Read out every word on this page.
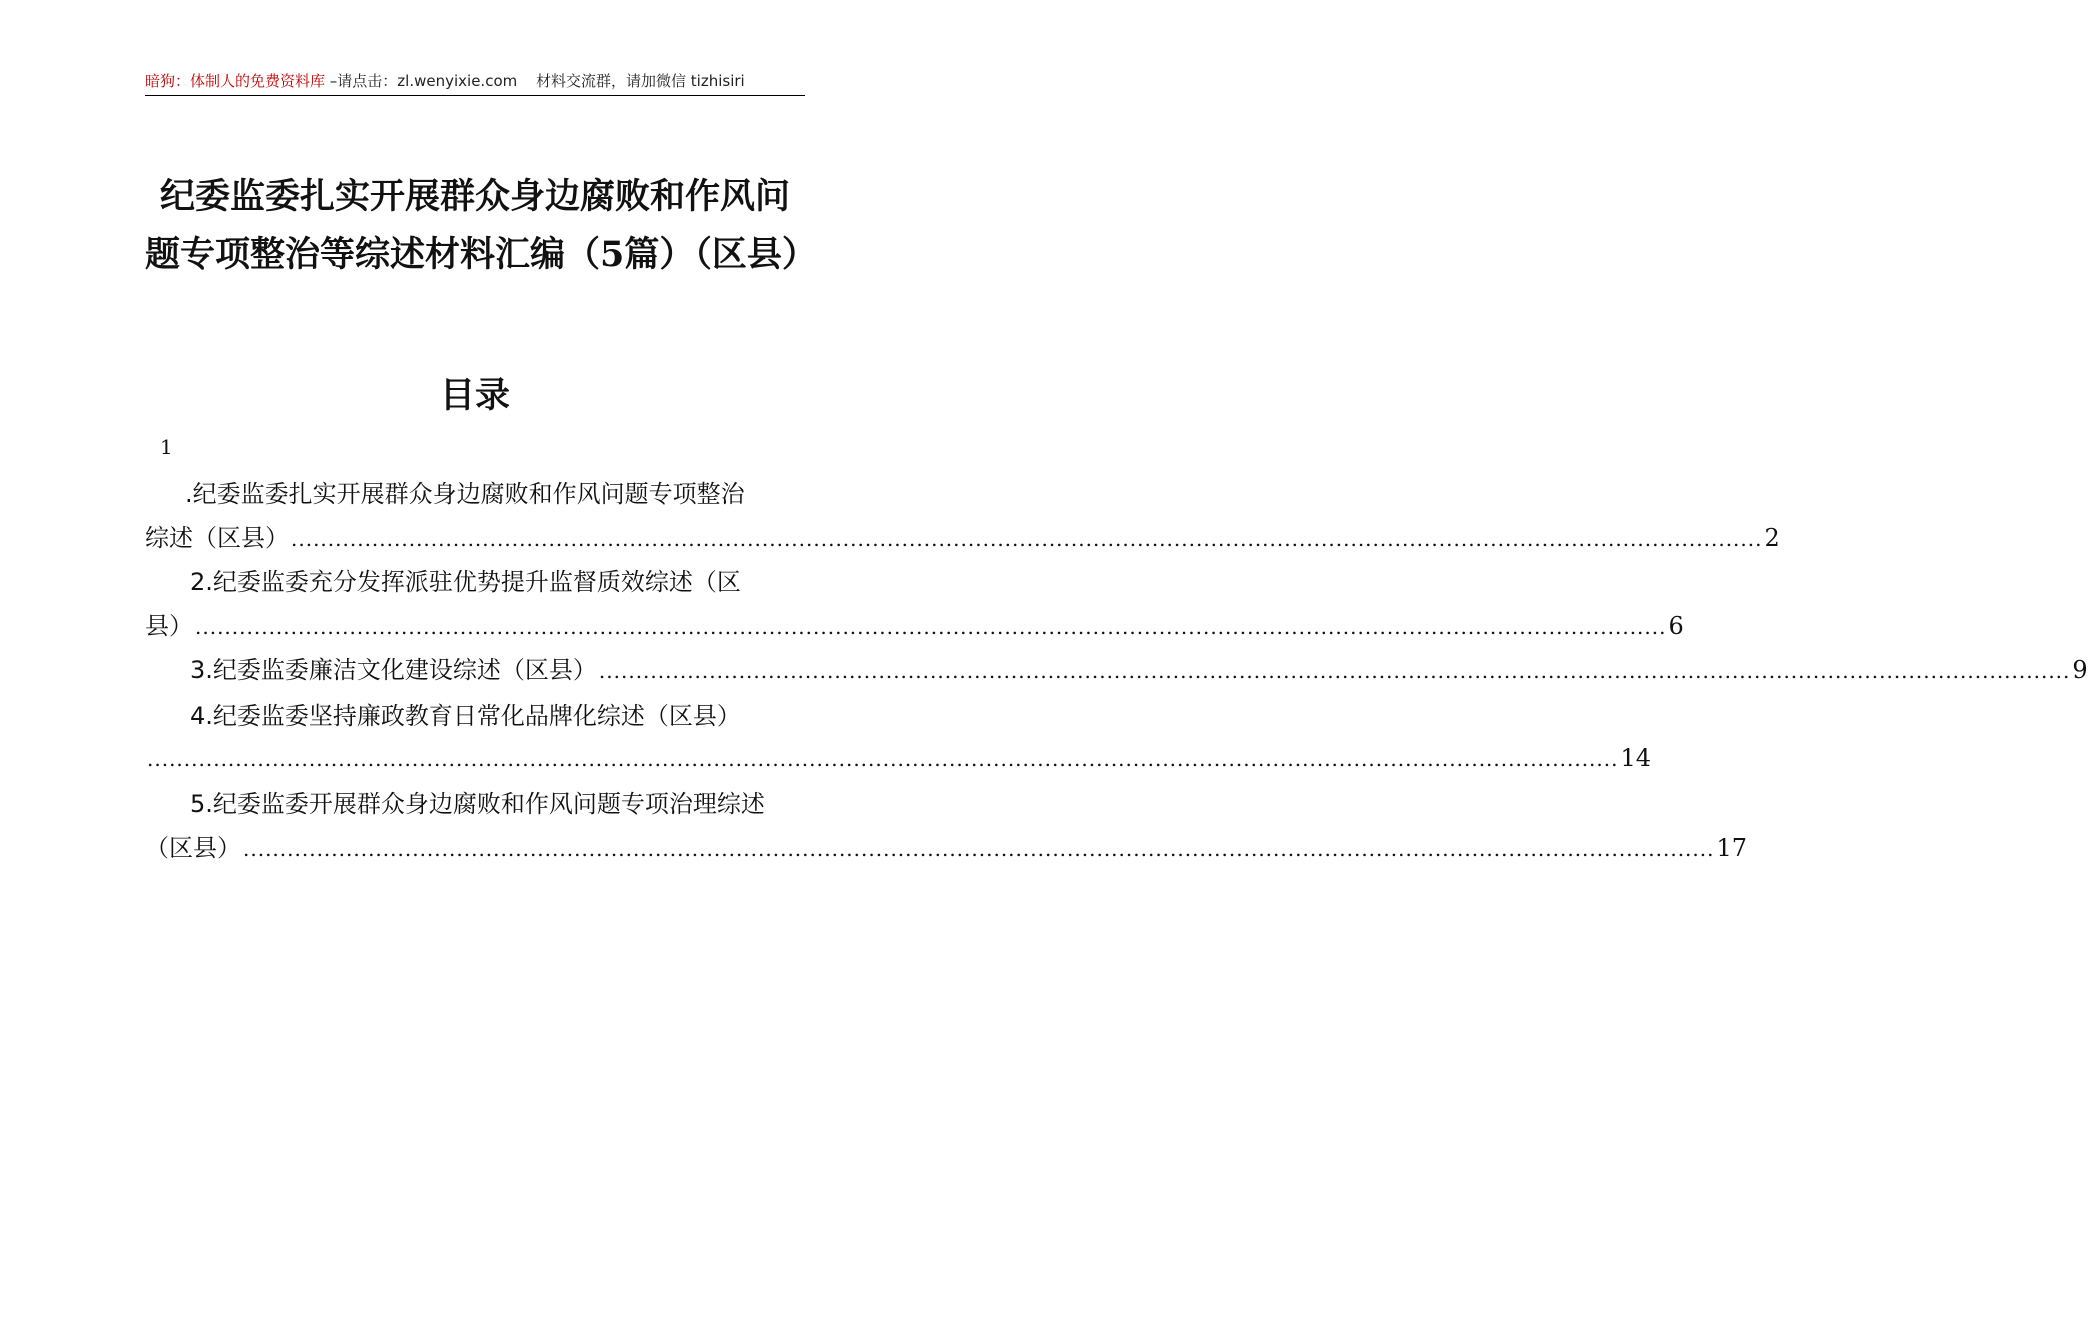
暗狗：体制人的免费资料库 –请点击：zl.wenyixie.com 材料交流群，请加微信 tizhisiri
纪委监委扎实开展群众身边腐败和作风问题专项整治等综述材料汇编（5篇）（区县）
目录
1
.纪委监委扎实开展群众身边腐败和作风问题专项整治
综述（区县） ........................................................................................................................................................................................................ 2
2.纪委监委充分发挥派驻优势提升监督质效综述（区
县） ........................................................................................................................................................................................................ 6
3.纪委监委廉洁文化建设综述（区县） ........................................................................................................................................................................................................ 9
4.纪委监委坚持廉政教育日常化品牌化综述（区县）
........................................................................................................................................................................................................ 14
5.纪委监委开展群众身边腐败和作风问题专项治理综述
（区县） ........................................................................................................................................................................................................ 17
